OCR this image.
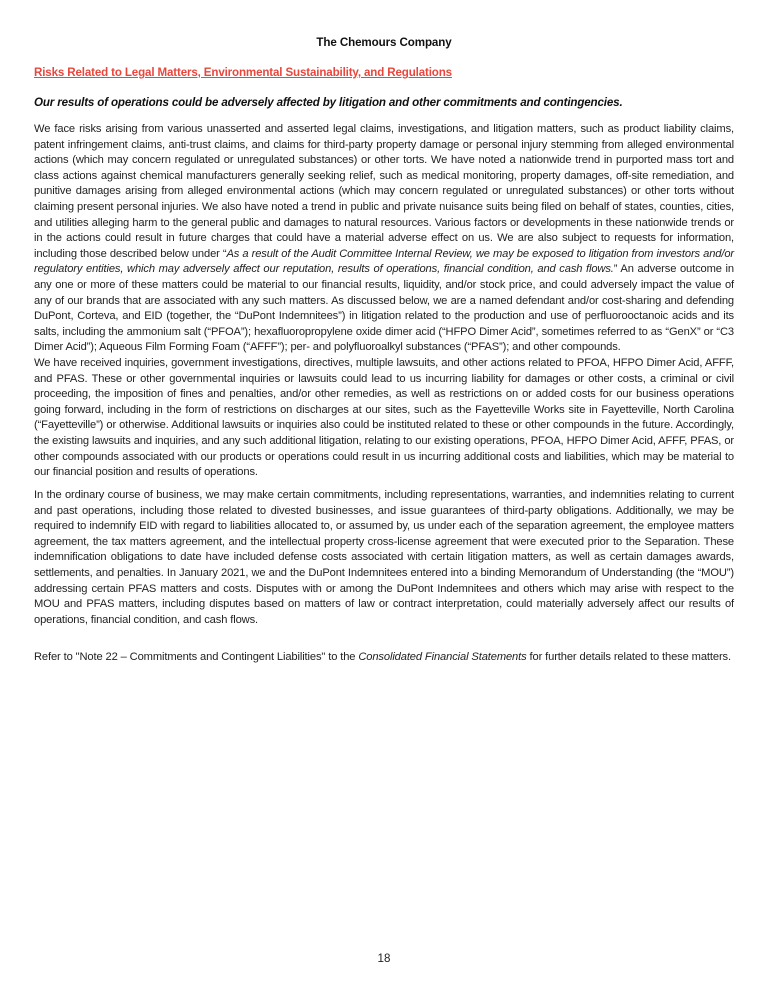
The Chemours Company
Risks Related to Legal Matters, Environmental Sustainability, and Regulations
Our results of operations could be adversely affected by litigation and other commitments and contingencies.

We face risks arising from various unasserted and asserted legal claims, investigations, and litigation matters, such as product liability claims, patent infringement claims, anti-trust claims, and claims for third-party property damage or personal injury stemming from alleged environmental actions (which may concern regulated or unregulated substances) or other torts. We have noted a nationwide trend in purported mass tort and class actions against chemical manufacturers generally seeking relief, such as medical monitoring, property damages, off-site remediation, and punitive damages arising from alleged environmental actions (which may concern regulated or unregulated substances) or other torts without claiming present personal injuries. We also have noted a trend in public and private nuisance suits being filed on behalf of states, counties, cities, and utilities alleging harm to the general public and damages to natural resources. Various factors or developments in these nationwide trends or in the actions could result in future charges that could have a material adverse effect on us. We are also subject to requests for information, including those described below under “As a result of the Audit Committee Internal Review, we may be exposed to litigation from investors and/or regulatory entities, which may adversely affect our reputation, results of operations, financial condition, and cash flows.” An adverse outcome in any one or more of these matters could be material to our financial results, liquidity, and/or stock price, and could adversely impact the value of any of our brands that are associated with any such matters. As discussed below, we are a named defendant and/or cost-sharing and defending DuPont, Corteva, and EID (together, the “DuPont Indemnitees”) in litigation related to the production and use of perfluorooctanoic acids and its salts, including the ammonium salt (“PFOA”); hexafluoropropylene oxide dimer acid (“HFPO Dimer Acid”, sometimes referred to as “GenX” or “C3 Dimer Acid”); Aqueous Film Forming Foam (“AFFF”); per- and polyfluoroalkyl substances (“PFAS”); and other compounds.

We have received inquiries, government investigations, directives, multiple lawsuits, and other actions related to PFOA, HFPO Dimer Acid, AFFF, and PFAS. These or other governmental inquiries or lawsuits could lead to us incurring liability for damages or other costs, a criminal or civil proceeding, the imposition of fines and penalties, and/or other remedies, as well as restrictions on or added costs for our business operations going forward, including in the form of restrictions on discharges at our sites, such as the Fayetteville Works site in Fayetteville, North Carolina (“Fayetteville”) or otherwise. Additional lawsuits or inquiries also could be instituted related to these or other compounds in the future. Accordingly, the existing lawsuits and inquiries, and any such additional litigation, relating to our existing operations, PFOA, HFPO Dimer Acid, AFFF, PFAS, or other compounds associated with our products or operations could result in us incurring additional costs and liabilities, which may be material to our financial position and results of operations.

In the ordinary course of business, we may make certain commitments, including representations, warranties, and indemnities relating to current and past operations, including those related to divested businesses, and issue guarantees of third-party obligations. Additionally, we may be required to indemnify EID with regard to liabilities allocated to, or assumed by, us under each of the separation agreement, the employee matters agreement, the tax matters agreement, and the intellectual property cross-license agreement that were executed prior to the Separation. These indemnification obligations to date have included defense costs associated with certain litigation matters, as well as certain damages awards, settlements, and penalties. In January 2021, we and the DuPont Indemnitees entered into a binding Memorandum of Understanding (the “MOU”) addressing certain PFAS matters and costs. Disputes with or among the DuPont Indemnitees and others which may arise with respect to the MOU and PFAS matters, including disputes based on matters of law or contract interpretation, could materially adversely affect our results of operations, financial condition, and cash flows.

Refer to "Note 22 – Commitments and Contingent Liabilities" to the Consolidated Financial Statements for further details related to these matters.

18
